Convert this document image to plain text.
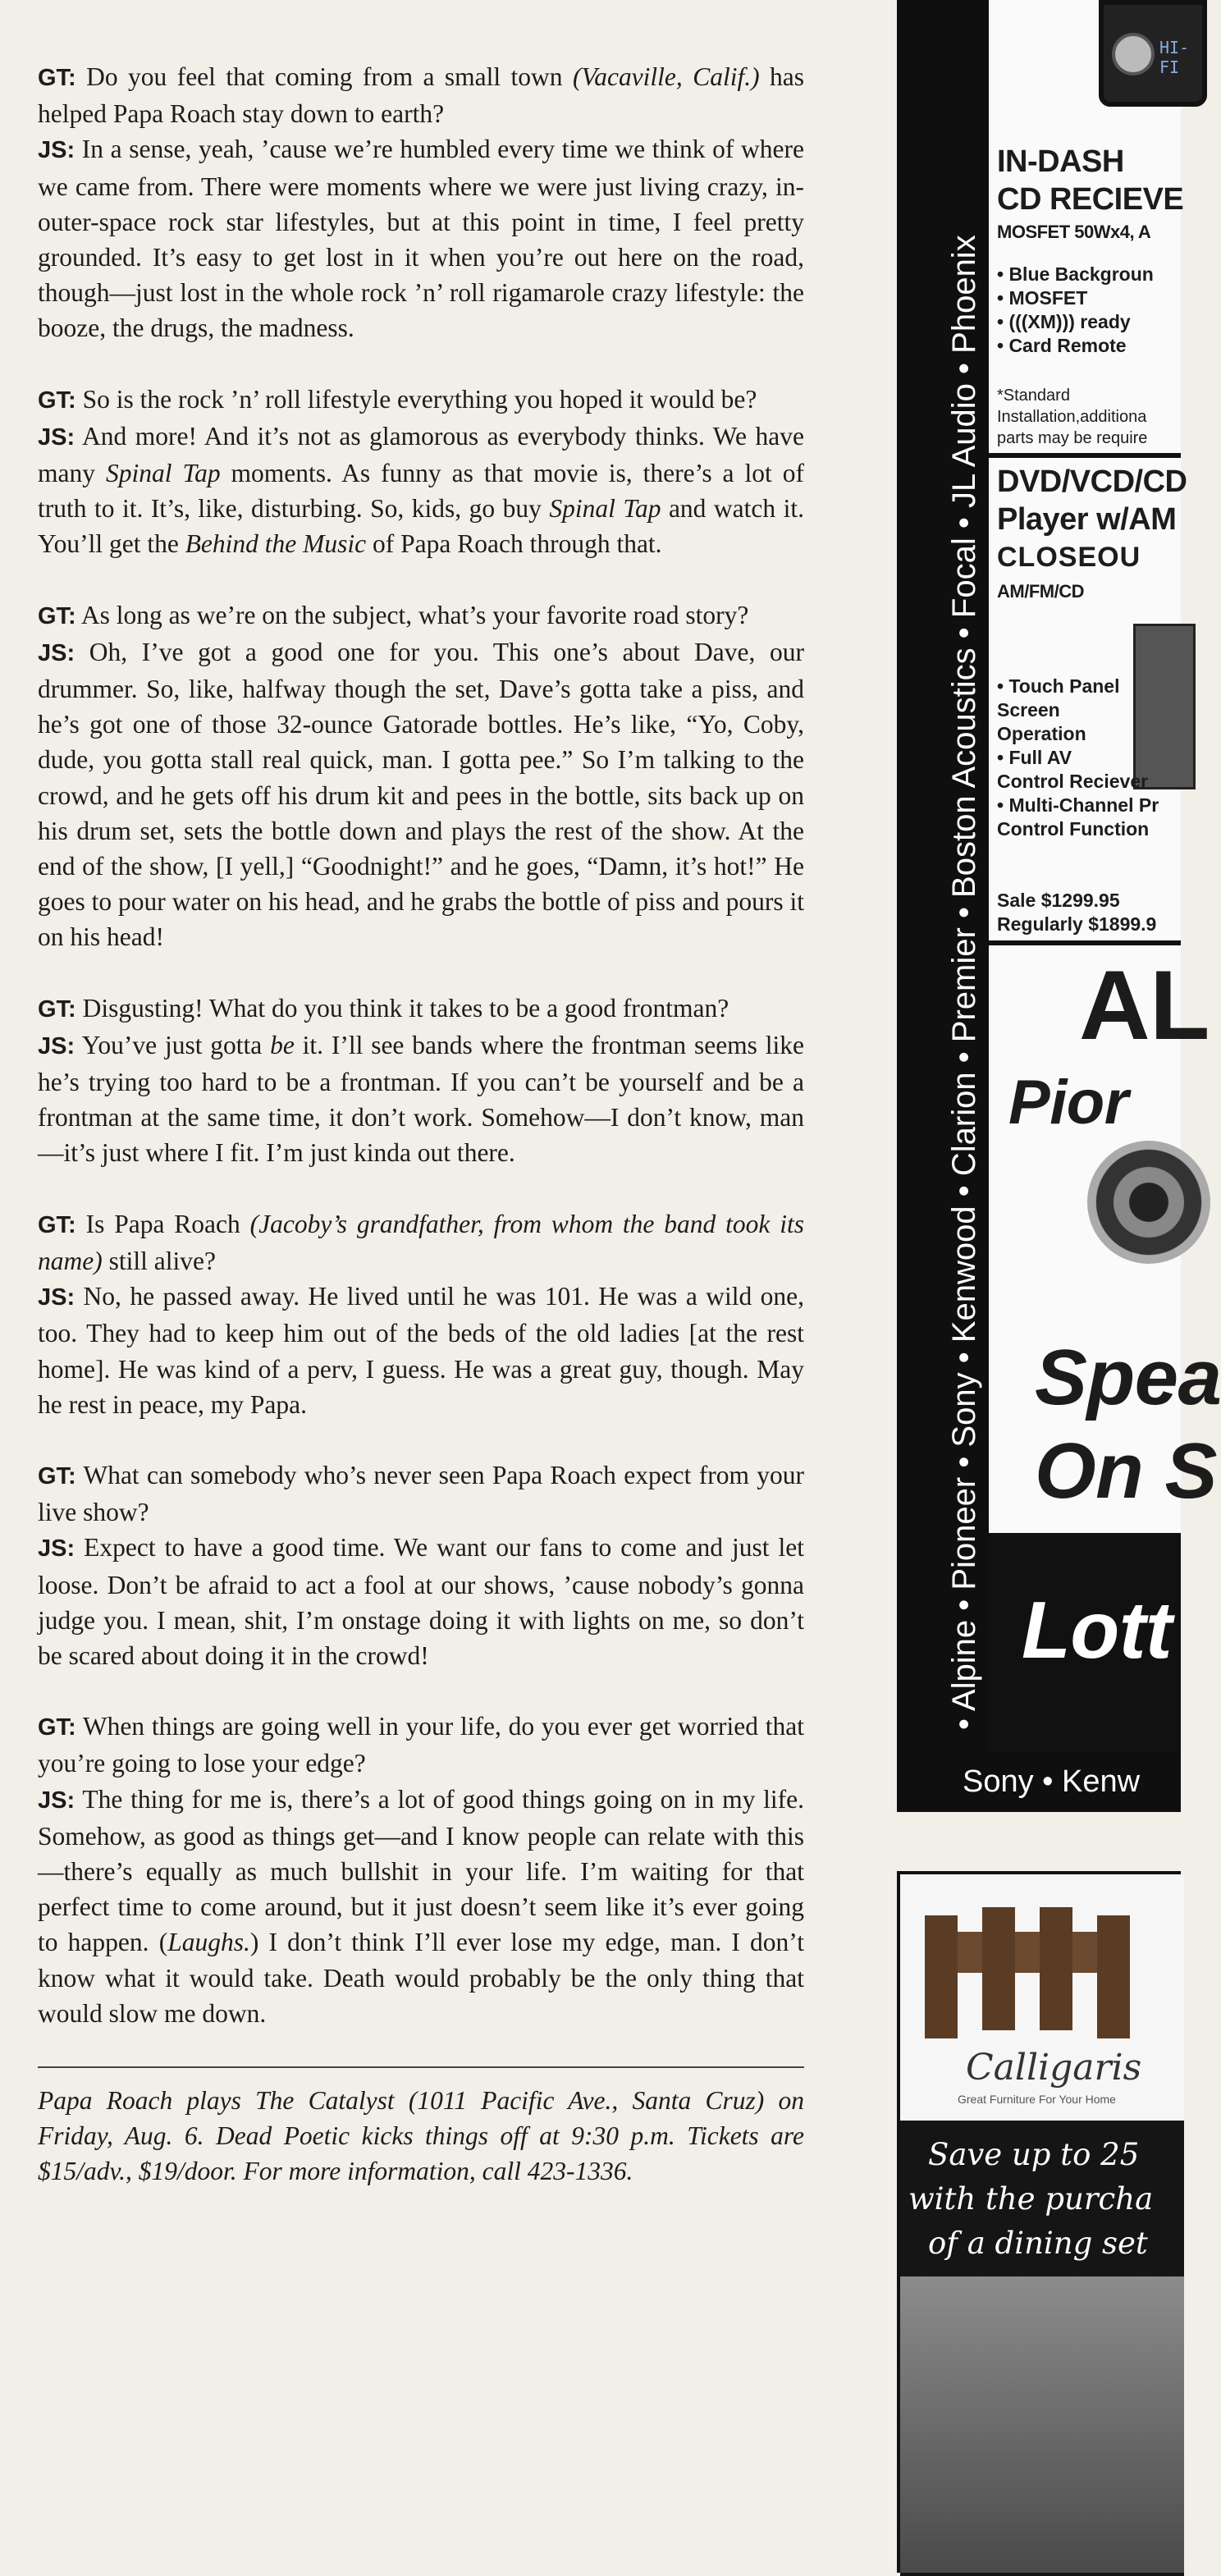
GT: Do you feel that coming from a small town (Vacaville, Calif.) has helped Papa Roach stay down to earth?

JS: In a sense, yeah, ’cause we’re humbled every time we think of where we came from. There were moments where we were just living crazy, in-outer-space rock star lifestyles, but at this point in time, I feel pretty grounded. It’s easy to get lost in it when you’re out here on the road, though—just lost in the whole rock ’n’ roll rigamarole crazy lifestyle: the booze, the drugs, the madness.

GT: So is the rock ’n’ roll lifestyle everything you hoped it would be?

JS: And more! And it’s not as glamorous as everybody thinks. We have many Spinal Tap moments. As funny as that movie is, there’s a lot of truth to it. It’s, like, disturbing. So, kids, go buy Spinal Tap and watch it. You’ll get the Behind the Music of Papa Roach through that.

GT: As long as we’re on the subject, what’s your favorite road story?

JS: Oh, I’ve got a good one for you. This one’s about Dave, our drummer. So, like, halfway though the set, Dave’s gotta take a piss, and he’s got one of those 32-ounce Gatorade bottles. He’s like, “Yo, Coby, dude, you gotta stall real quick, man. I gotta pee.” So I’m talking to the crowd, and he gets off his drum kit and pees in the bottle, sits back up on his drum set, sets the bottle down and plays the rest of the show. At the end of the show, [I yell,] “Goodnight!” and he goes, “Damn, it’s hot!” He goes to pour water on his head, and he grabs the bottle of piss and pours it on his head!

GT: Disgusting! What do you think it takes to be a good frontman?

JS: You’ve just gotta be it. I’ll see bands where the frontman seems like he’s trying too hard to be a frontman. If you can’t be yourself and be a frontman at the same time, it don’t work. Somehow—I don’t know, man—it’s just where I fit. I’m just kinda out there.

GT: Is Papa Roach (Jacoby’s grandfather, from whom the band took its name) still alive?

JS: No, he passed away. He lived until he was 101. He was a wild one, too. They had to keep him out of the beds of the old ladies [at the rest home]. He was kind of a perv, I guess. He was a great guy, though. May he rest in peace, my Papa.

GT: What can somebody who’s never seen Papa Roach expect from your live show?

JS: Expect to have a good time. We want our fans to come and just let loose. Don’t be afraid to act a fool at our shows, ’cause nobody’s gonna judge you. I mean, shit, I’m onstage doing it with lights on me, so don’t be scared about doing it in the crowd!

GT: When things are going well in your life, do you ever get worried that you’re going to lose your edge?

JS: The thing for me is, there’s a lot of good things going on in my life. Somehow, as good as things get—and I know people can relate with this—there’s equally as much bullshit in your life. I’m waiting for that perfect time to come around, but it just doesn’t seem like it’s ever going to happen. (Laughs.) I don’t think I’ll ever lose my edge, man. I don’t know what it would take. Death would probably be the only thing that would slow me down.

Papa Roach plays The Catalyst (1011 Pacific Ave., Santa Cruz) on Friday, Aug. 6. Dead Poetic kicks things off at 9:30 p.m. Tickets are $15/adv., $19/door. For more information, call 423-1336.

• Alpine • Pioneer • Sony • Kenwood • Clarion • Premier • Boston Acoustics • Focal • JL Audio • Phoenix
HI-FI
IN-DASH
CD RECIEVE
MOSFET 50Wx4, A
• Blue Backgroun
• MOSFET
• (((XM))) ready
• Card Remote
*Standard
Installation,additiona
parts may be require
DVD/VCD/CD
Player w/AM
CLOSEOU
AM/FM/CD
• Touch Panel
Screen
Operation
• Full AV
Control Reciever
• Multi-Channel Pr
Control Function
Sale $1299.95
Regularly $1899.9
AL
Pior
Spea
On S
Lott
Sony • Kenw
Calligaris
Great Furniture For Your Home
Save up to 25
with the purcha
of a dining set
